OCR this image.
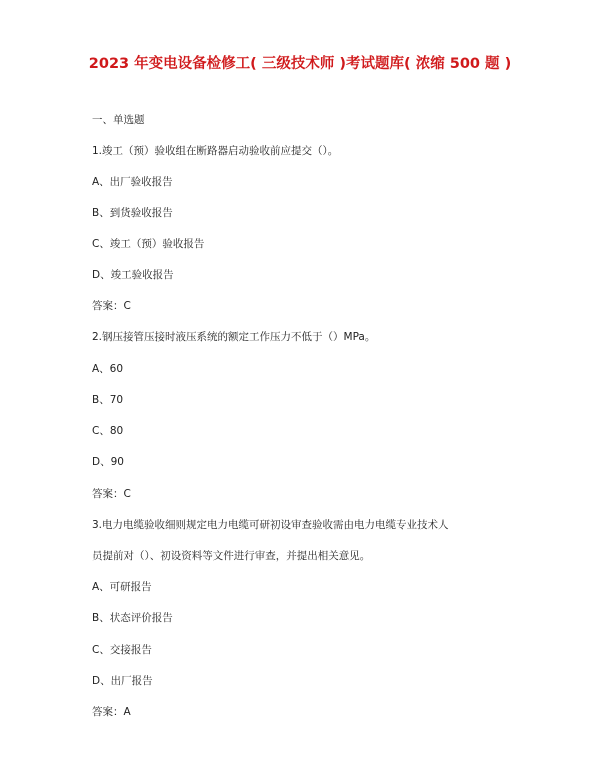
2023 年变电设备检修工( 三级技术师 )考试题库( 浓缩 500 题 )
一、单选题
1.竣工（预）验收组在断路器启动验收前应提交（）。
A、出厂验收报告
B、到货验收报告
C、竣工（预）验收报告
D、竣工验收报告
答案：C
2.钢压接管压接时液压系统的额定工作压力不低于（）MPa。
A、60
B、70
C、80
D、90
答案：C
3.电力电缆验收细则规定电力电缆可研初设审查验收需由电力电缆专业技术人
员提前对（）、初设资料等文件进行审查，并提出相关意见。
A、可研报告
B、状态评价报告
C、交接报告
D、出厂报告
答案：A
